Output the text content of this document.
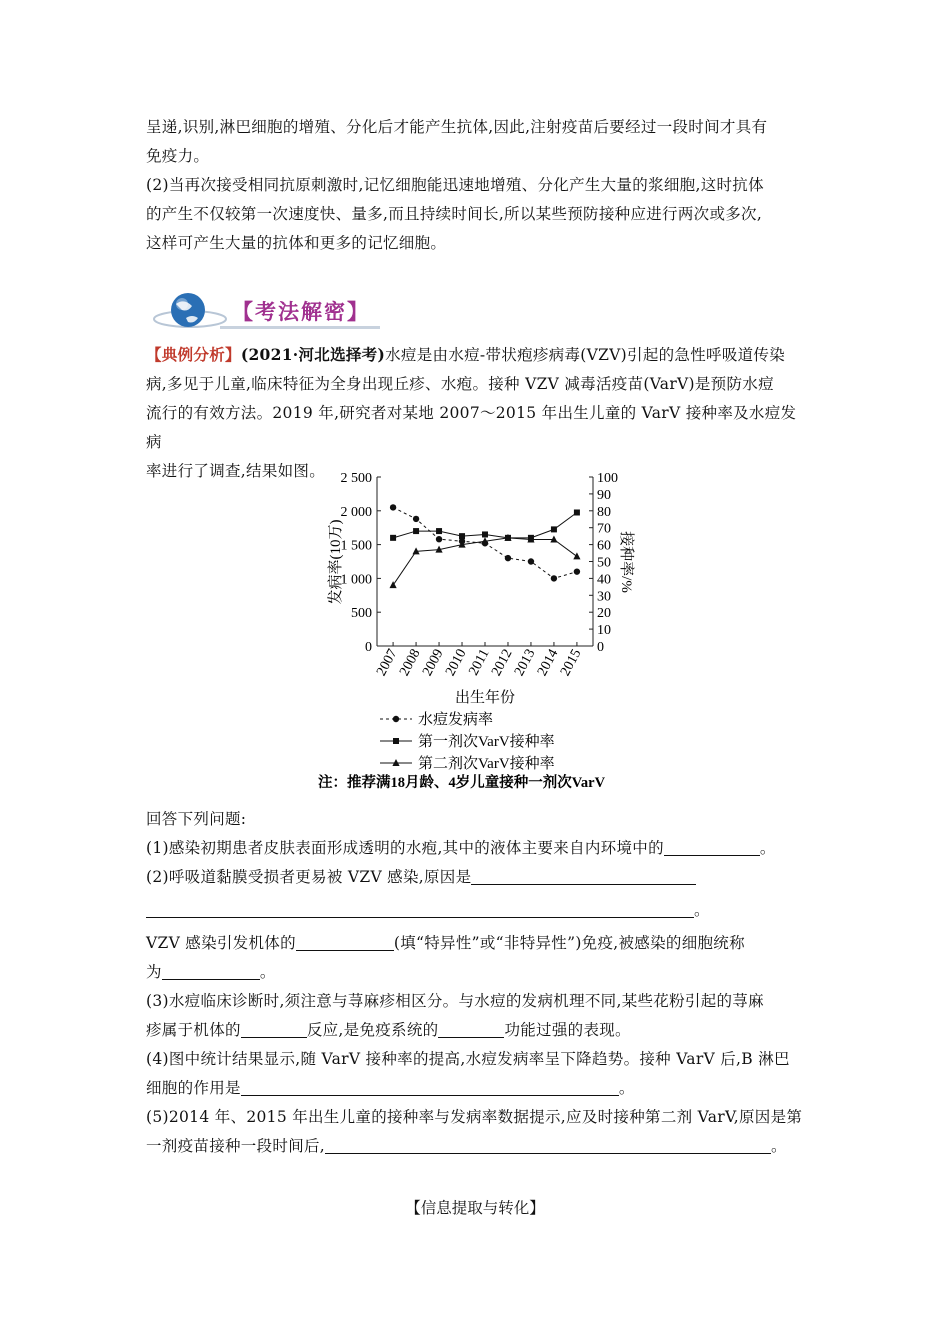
呈递,识别,淋巴细胞的增殖、分化后才能产生抗体,因此,注射疫苗后要经过一段时间才具有
免疫力。
(2)当再次接受相同抗原刺激时,记忆细胞能迅速地增殖、分化产生大量的浆细胞,这时抗体
的产生不仅较第一次速度快、量多,而且持续时间长,所以某些预防接种应进行两次或多次,
这样可产生大量的抗体和更多的记忆细胞。
【考法解密】
【典例分析】(2021·河北选择考)水痘是由水痘-带状疱疹病毒(VZV)引起的急性呼吸道传染
病,多见于儿童,临床特征为全身出现丘疹、水疱。接种 VZV 减毒活疫苗(VarV)是预防水痘
流行的有效方法。2019 年,研究者对某地 2007～2015 年出生儿童的 VarV 接种率及水痘发病
率进行了调查,结果如图。
0
500
1 000
1 500
2 000
2 500
0
10
20
30
40
50
60
70
80
90
100
2007
2008
2009
2010
2011
2012
2013
2014
2015
发病率(10万)	接种率/%
出生年份
水痘发病率
第一剂次VarV接种率
第二剂次VarV接种率
注：推荐满18月龄、4岁儿童接种一剂次VarV
回答下列问题:
(1)感染初期患者皮肤表面形成透明的水疱,其中的液体主要来自内环境中的	。
(2)呼吸道黏膜受损者更易被 VZV 感染,原因是
。
VZV 感染引发机体的	(填“特异性”或“非特异性”)免疫,被感染的细胞统称
为	。
(3)水痘临床诊断时,须注意与荨麻疹相区分。与水痘的发病机理不同,某些花粉引起的荨麻
疹属于机体的	反应,是免疫系统的	功能过强的表现。
(4)图中统计结果显示,随 VarV 接种率的提高,水痘发病率呈下降趋势。接种 VarV 后,B 淋巴
细胞的作用是	。
(5)2014 年、2015 年出生儿童的接种率与发病率数据提示,应及时接种第二剂 VarV,原因是第
一剂疫苗接种一段时间后,	。
【信息提取与转化】
